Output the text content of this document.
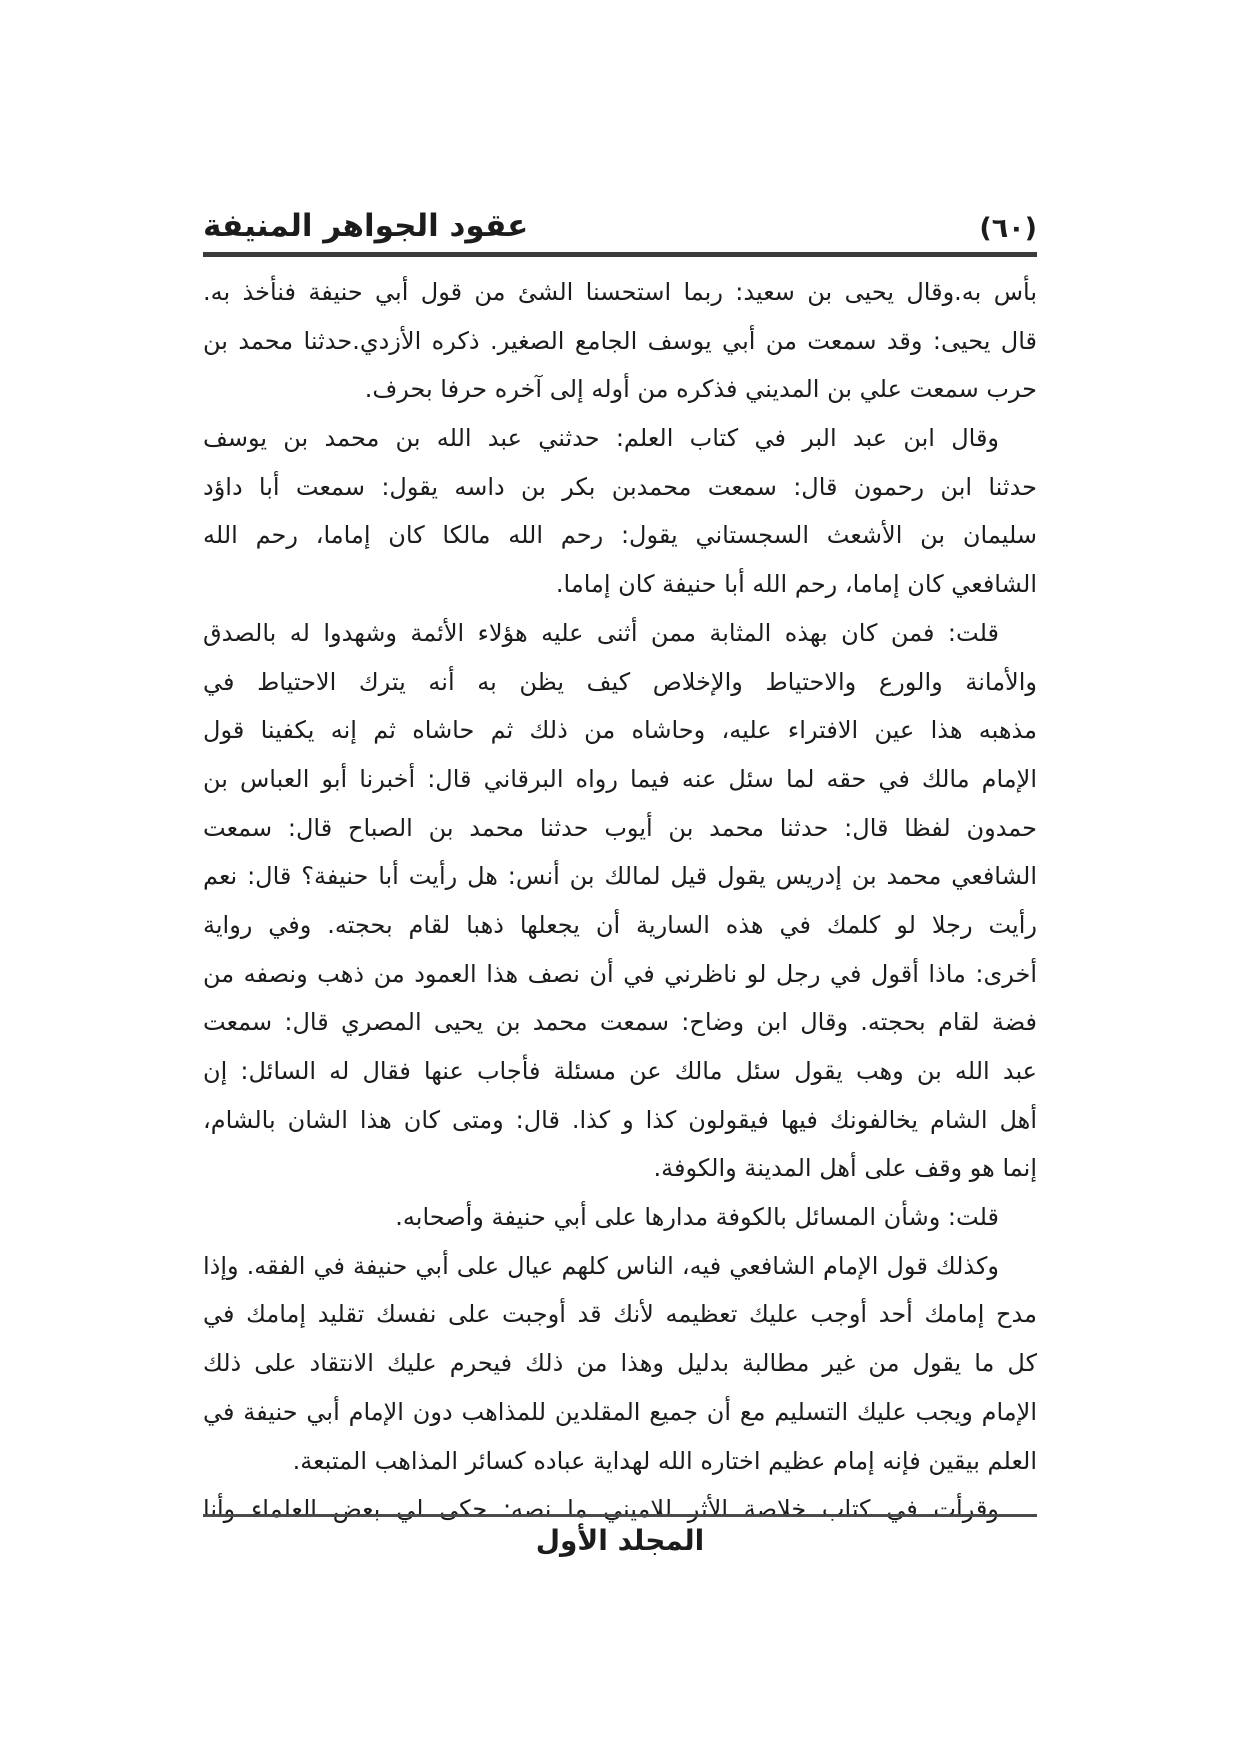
عقود الجواهر المنيفة	(٦٠)
بأس به.وقال يحيى بن سعيد: ربما استحسنا الشئ من قول أبي حنيفة فنأخذ به.
قال يحيى: وقد سمعت من أبي يوسف الجامع الصغير. ذكره الأزدي.حدثنا محمد بن
حرب سمعت علي بن المديني فذكره من أوله إلى آخره حرفا بحرف.
وقال ابن عبد البر في كتاب العلم: حدثني عبد الله بن محمد بن يوسف
حدثنا ابن رحمون قال: سمعت محمدبن بكر بن داسه يقول: سمعت أبا داؤد
سليمان بن الأشعث السجستاني يقول: رحم الله مالكا كان إماما، رحم الله
الشافعي كان إماما، رحم الله أبا حنيفة كان إماما.
قلت: فمن كان بهذه المثابة ممن أثنى عليه هؤلاء الأئمة وشهدوا له بالصدق
والأمانة والورع والاحتياط والإخلاص كيف يظن به أنه يترك الاحتياط في
مذهبه هذا عين الافتراء عليه، وحاشاه من ذلك ثم حاشاه ثم إنه يكفينا قول
الإمام مالك في حقه لما سئل عنه فيما رواه البرقاني قال: أخبرنا أبو العباس بن
حمدون لفظا قال: حدثنا محمد بن أيوب حدثنا محمد بن الصباح قال: سمعت
الشافعي محمد بن إدريس يقول قيل لمالك بن أنس: هل رأيت أبا حنيفة؟ قال: نعم
رأيت رجلا لو كلمك في هذه السارية أن يجعلها ذهبا لقام بحجته. وفي رواية
أخرى: ماذا أقول في رجل لو ناظرني في أن نصف هذا العمود من ذهب ونصفه من
فضة لقام بحجته. وقال ابن وضاح: سمعت محمد بن يحيى المصري قال: سمعت
عبد الله بن وهب يقول سئل مالك عن مسئلة فأجاب عنها فقال له السائل: إن
أهل الشام يخالفونك فيها فيقولون كذا و كذا. قال: ومتى كان هذا الشان بالشام،
إنما هو وقف على أهل المدينة والكوفة.
قلت: وشأن المسائل بالكوفة مدارها على أبي حنيفة وأصحابه.
وكذلك قول الإمام الشافعي فيه، الناس كلهم عيال على أبي حنيفة في الفقه. وإذا
مدح إمامك أحد أوجب عليك تعظيمه لأنك قد أوجبت على نفسك تقليد إمامك في
كل ما يقول من غير مطالبة بدليل وهذا من ذلك فيحرم عليك الانتقاد على ذلك
الإمام ويجب عليك التسليم مع أن جميع المقلدين للمذاهب دون الإمام أبي حنيفة في
العلم بيقين فإنه إمام عظيم اختاره الله لهداية عباده كسائر المذاهب المتبعة.
وقرأت في كتاب خلاصة الأثر للاميني ما نصه: حكى لي بعض العلماء وأنا
المجلد الأول
